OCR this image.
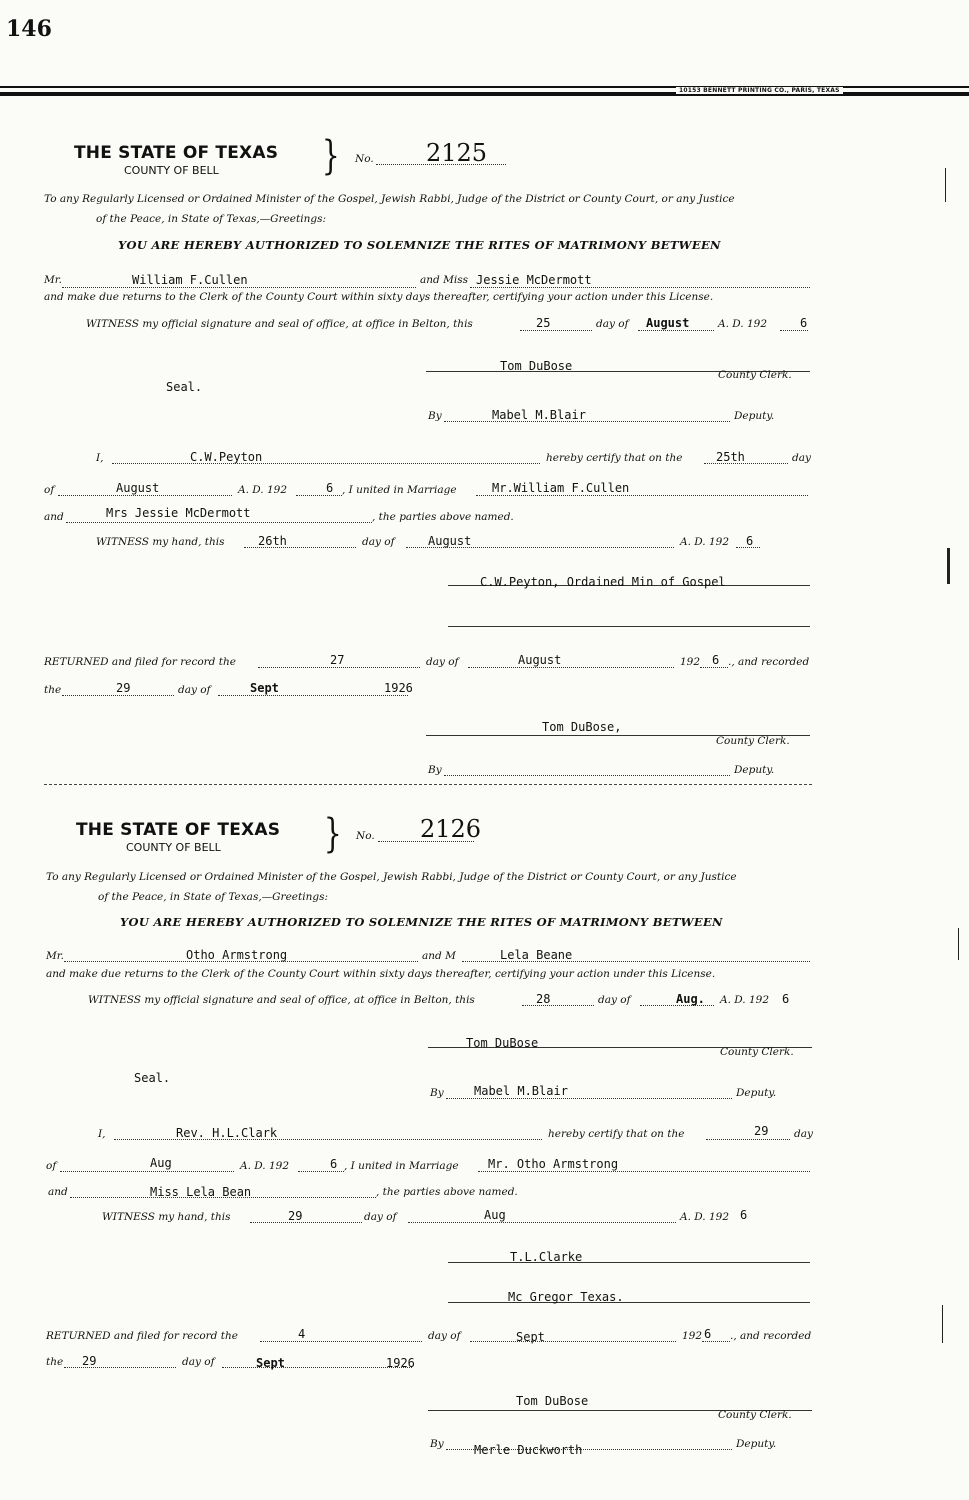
146
10153 BENNETT PRINTING CO., PARIS, TEXAS
THE STATE OF TEXAS
COUNTY OF BELL	} No. 2125
To any Regularly Licensed or Ordained Minister of the Gospel, Jewish Rabbi, Judge of the District or County Court, or any Justice
of the Peace, in State of Texas,—Greetings:
YOU ARE HEREBY AUTHORIZED TO SOLEMNIZE THE RITES OF MATRIMONY BETWEEN
Mr.	William F.Cullen	and Miss Jessie McDermott
and make due returns to the Clerk of the County Court within sixty days thereafter, certifying your action under this License.
WITNESS my official signature and seal of office, at office in Belton, this	25	day of August	A. D. 192	6
Tom DuBose
County Clerk.
Seal.
By	Mabel M.Blair	Deputy.
I,	C.W.Peyton	hereby certify that on the	25th	day
of	August	A. D. 192	6 , I united in Marriage	Mr.William F.Cullen
and	Mrs Jessie McDermott	, the parties above named.
WITNESS my hand, this	26th	day of	August	A. D. 192 6
C.W.Peyton, Ordained Min of Gospel
RETURNED and filed for record the	27	day of	August	192 6 ., and recorded
the	29	day of	Sept	1926
Tom DuBose,
County Clerk.
By	Deputy.
THE STATE OF TEXAS
COUNTY OF BELL	} No. 2126
To any Regularly Licensed or Ordained Minister of the Gospel, Jewish Rabbi, Judge of the District or County Court, or any Justice
of the Peace, in State of Texas,—Greetings:
YOU ARE HEREBY AUTHORIZED TO SOLEMNIZE THE RITES OF MATRIMONY BETWEEN
Mr.	Otho Armstrong	and M	Lela Beane
and make due returns to the Clerk of the County Court within sixty days thereafter, certifying your action under this License.
WITNESS my official signature and seal of office, at office in Belton, this	28	day of	Aug. A. D. 192 6
Tom DuBose
County Clerk.
Seal.
By	Mabel M.Blair	Deputy.
I,	Rev. H.L.Clark	hereby certify that on the	29 day
of	Aug	A. D. 192	6 , I united in Marriage Mr. Otho Armstrong
and	Miss Lela Bean	, the parties above named.
WITNESS my hand, this	29	day of	Aug	A. D. 192 6
T.L.Clarke
Mc Gregor Texas.
RETURNED and filed for record the	4	day of	Sept	192 6 ., and recorded
the 29	day of	Sept	1926
Tom DuBose
County Clerk.
By	Merle Duckworth	Deputy.
